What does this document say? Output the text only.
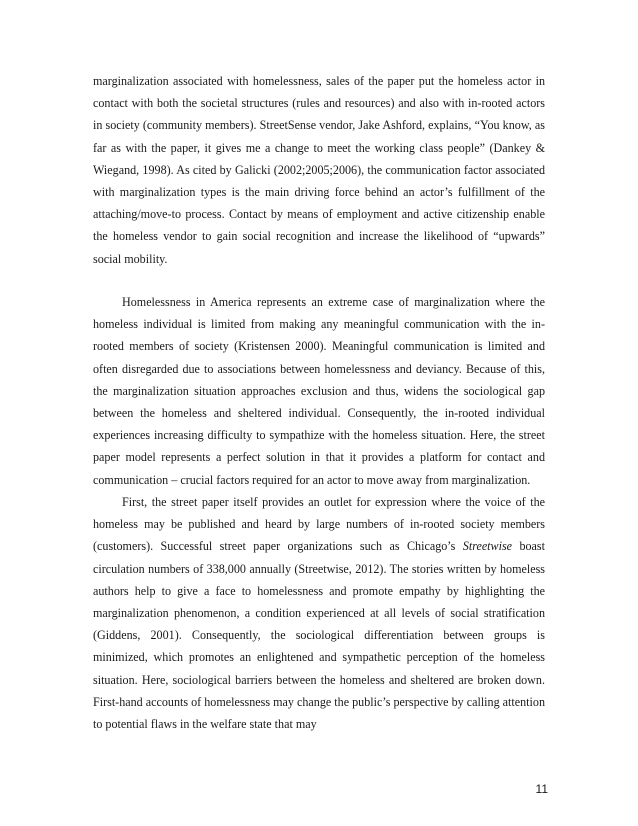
marginalization associated with homelessness, sales of the paper put the homeless actor in contact with both the societal structures (rules and resources) and also with in-rooted actors in society (community members). StreetSense vendor, Jake Ashford, explains, “You know, as far as with the paper, it gives me a change to meet the working class people” (Dankey & Wiegand, 1998). As cited by Galicki (2002;2005;2006), the communication factor associated with marginalization types is the main driving force behind an actor’s fulfillment of the attaching/move-to process. Contact by means of employment and active citizenship enable the homeless vendor to gain social recognition and increase the likelihood of “upwards” social mobility.

Homelessness in America represents an extreme case of marginalization where the homeless individual is limited from making any meaningful communication with the in-rooted members of society (Kristensen 2000). Meaningful communication is limited and often disregarded due to associations between homelessness and deviancy. Because of this, the marginalization situation approaches exclusion and thus, widens the sociological gap between the homeless and sheltered individual. Consequently, the in-rooted individual experiences increasing difficulty to sympathize with the homeless situation. Here, the street paper model represents a perfect solution in that it provides a platform for contact and communication – crucial factors required for an actor to move away from marginalization.

First, the street paper itself provides an outlet for expression where the voice of the homeless may be published and heard by large numbers of in-rooted society members (customers). Successful street paper organizations such as Chicago’s Streetwise boast circulation numbers of 338,000 annually (Streetwise, 2012). The stories written by homeless authors help to give a face to homelessness and promote empathy by highlighting the marginalization phenomenon, a condition experienced at all levels of social stratification (Giddens, 2001). Consequently, the sociological differentiation between groups is minimized, which promotes an enlightened and sympathetic perception of the homeless situation. Here, sociological barriers between the homeless and sheltered are broken down. First-hand accounts of homelessness may change the public’s perspective by calling attention to potential flaws in the welfare state that may

11
